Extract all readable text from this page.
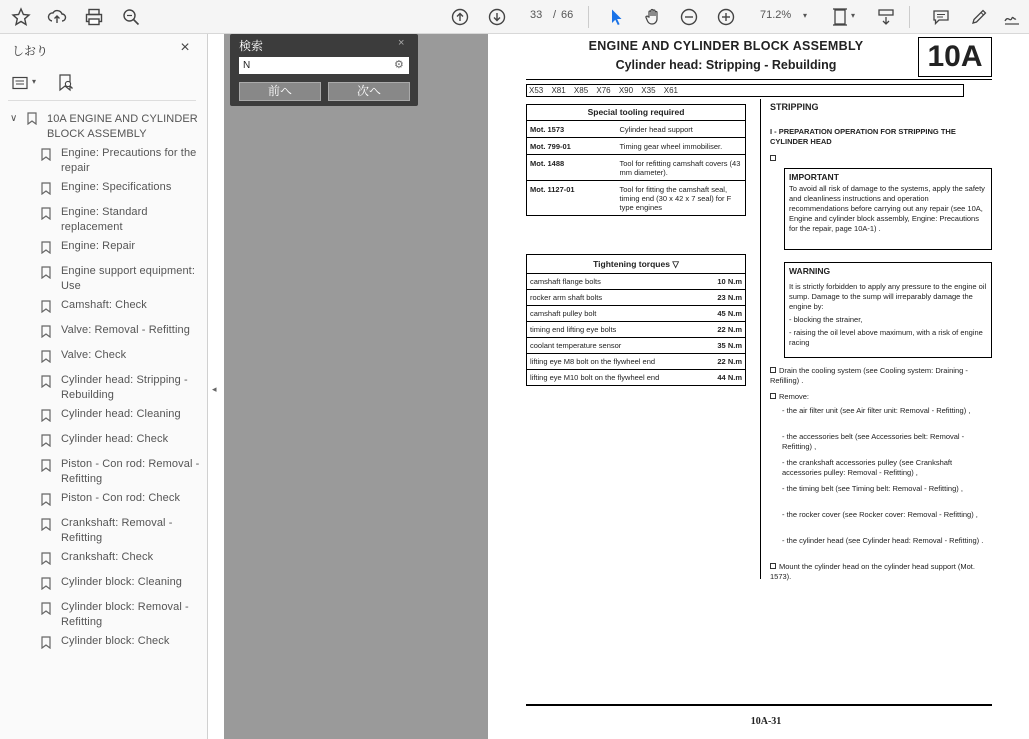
33 / 66	71.2% ▾	▾
しおり	×
▾
∨	10A ENGINE AND CYLINDER BLOCK ASSEMBLY
Engine: Precautions for the repair
Engine: Specifications
Engine: Standard replacement
Engine: Repair
Engine support equipment: Use
Camshaft: Check
Valve: Removal - Refitting
Valve: Check
Cylinder head: Stripping - Rebuilding
Cylinder head: Cleaning
Cylinder head: Check
Piston - Con rod: Removal - Refitting
Piston - Con rod: Check
Crankshaft: Removal - Refitting
Crankshaft: Check
Cylinder block: Cleaning
Cylinder block: Removal - Refitting
Cylinder block: Check
◂
検索	×
N
⚙
前へ	次へ
ENGINE AND CYLINDER BLOCK ASSEMBLY
Cylinder head: Stripping - Rebuilding	10A
X53 X81 X85 X76 X90 X35 X61
Special tooling required	
Mot. 1573	Cylinder head support
Mot. 799-01	Timing gear wheel immobiliser.
Mot. 1488	Tool for refitting camshaft covers (43 mm diameter).
Mot. 1127-01	Tool for fitting the camshaft seal, timing end (30 x 42 x 7 seal) for F type engines
Tightening torques ▽	
camshaft flange bolts	10 N.m
rocker arm shaft bolts	23 N.m
camshaft pulley bolt	45 N.m
timing end lifting eye bolts	22 N.m
coolant temperature sensor	35 N.m
lifting eye M8 bolt on the flywheel end	22 N.m
lifting eye M10 bolt on the flywheel end	44 N.m
STRIPPING
I - PREPARATION OPERATION FOR STRIPPING THE CYLINDER HEAD
IMPORTANT
To avoid all risk of damage to the systems, apply the safety and cleanliness instructions and operation recommendations before carrying out any repair (see 10A, Engine and cylinder block assembly, Engine: Precautions for the repair, page 10A-1) .
WARNING
It is strictly forbidden to apply any pressure to the engine oil sump. Damage to the sump will irreparably damage the engine by:
- blocking the strainer,
- raising the oil level above maximum, with a risk of engine racing
Drain the cooling system (see Cooling system: Draining - Refilling) .
Remove:
- the air filter unit (see Air filter unit: Removal - Refitting) ,
- the accessories belt (see Accessories belt: Removal - Refitting) ,
- the crankshaft accessories pulley (see Crankshaft accessories pulley: Removal - Refitting) ,
- the timing belt (see Timing belt: Removal - Refitting) ,
- the rocker cover (see Rocker cover: Removal - Refitting) ,
- the cylinder head (see Cylinder head: Removal - Refitting) .
Mount the cylinder head on the cylinder head support (Mot. 1573).
10A-31
